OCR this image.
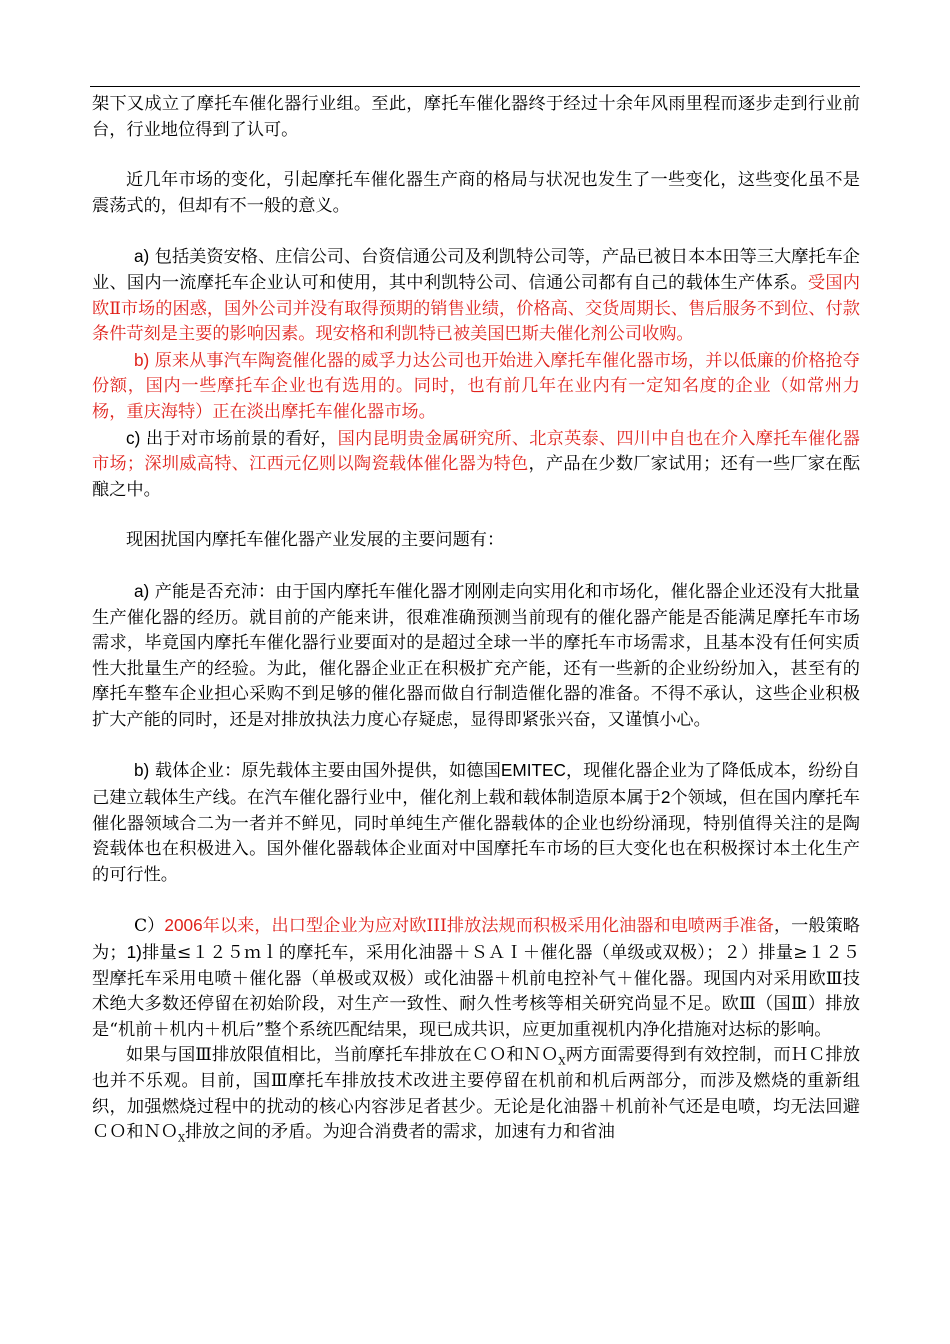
架下又成立了摩托车催化器行业组。至此，摩托车催化器终于经过十余年风雨里程而逐步走到行业前台，行业地位得到了认可。

近几年市场的变化，引起摩托车催化器生产商的格局与状况也发生了一些变化，这些变化虽不是震荡式的，但却有不一般的意义。

a) 包括美资安格、庄信公司、台资信通公司及利凯特公司等，产品已被日本本田等三大摩托车企业、国内一流摩托车企业认可和使用，其中利凯特公司、信通公司都有自己的载体生产体系。受国内欧Ⅱ市场的困惑，国外公司并没有取得预期的销售业绩，价格高、交货周期长、售后服务不到位、付款条件苛刻是主要的影响因素。现安格和利凯特已被美国巴斯夫催化剂公司收购。

b) 原来从事汽车陶瓷催化器的威孚力达公司也开始进入摩托车催化器市场，并以低廉的价格抢夺份额，国内一些摩托车企业也有选用的。同时，也有前几年在业内有一定知名度的企业（如常州力杨，重庆海特）正在淡出摩托车催化器市场。

c) 出于对市场前景的看好，国内昆明贵金属研究所、北京英泰、四川中自也在介入摩托车催化器市场；深圳威高特、江西元亿则以陶瓷载体催化器为特色，产品在少数厂家试用；还有一些厂家在酝酿之中。

现困扰国内摩托车催化器产业发展的主要问题有：

a) 产能是否充沛：由于国内摩托车催化器才刚刚走向实用化和市场化，催化器企业还没有大批量生产催化器的经历。就目前的产能来讲，很难准确预测当前现有的催化器产能是否能满足摩托车市场需求，毕竟国内摩托车催化器行业要面对的是超过全球一半的摩托车市场需求，且基本没有任何实质性大批量生产的经验。为此，催化器企业正在积极扩充产能，还有一些新的企业纷纷加入，甚至有的摩托车整车企业担心采购不到足够的催化器而做自行制造催化器的准备。不得不承认，这些企业积极扩大产能的同时，还是对排放执法力度心存疑虑，显得即紧张兴奋，又谨慎小心。

b) 载体企业：原先载体主要由国外提供，如德国EMITEC，现催化器企业为了降低成本，纷纷自己建立载体生产线。在汽车催化器行业中，催化剂上载和载体制造原本属于2个领域，但在国内摩托车催化器领域合二为一者并不鲜见，同时单纯生产催化器载体的企业也纷纷涌现，特别值得关注的是陶瓷载体也在积极进入。国外催化器载体企业面对中国摩托车市场的巨大变化也在积极探讨本土化生产的可行性。

C）2006年以来，出口型企业为应对欧III排放法规而积极采用化油器和电喷两手准备，一般策略为；1)排量≤１２５ｍｌ的摩托车，采用化油器＋ＳＡＩ＋催化器（单级或双极）；２）排量≥１２５型摩托车采用电喷＋催化器（单极或双极）或化油器＋机前电控补气＋催化器。现国内对采用欧Ⅲ技术绝大多数还停留在初始阶段，对生产一致性、耐久性考核等相关研究尚显不足。欧Ⅲ（国Ⅲ）排放是“机前＋机内＋机后”整个系统匹配结果，现已成共识，应更加重视机内净化措施对达标的影响。

如果与国Ⅲ排放限值相比，当前摩托车排放在ＣＯ和ＮＯ$_X$两方面需要得到有效控制，而ＨＣ排放也并不乐观。目前，国Ⅲ摩托车排放技术改进主要停留在机前和机后两部分，而涉及燃烧的重新组织，加强燃烧过程中的扰动的核心内容涉足者甚少。无论是化油器＋机前补气还是电喷，均无法回避ＣＯ和ＮＯ$_X$排放之间的矛盾。为迎合消费者的需求，加速有力和省油
